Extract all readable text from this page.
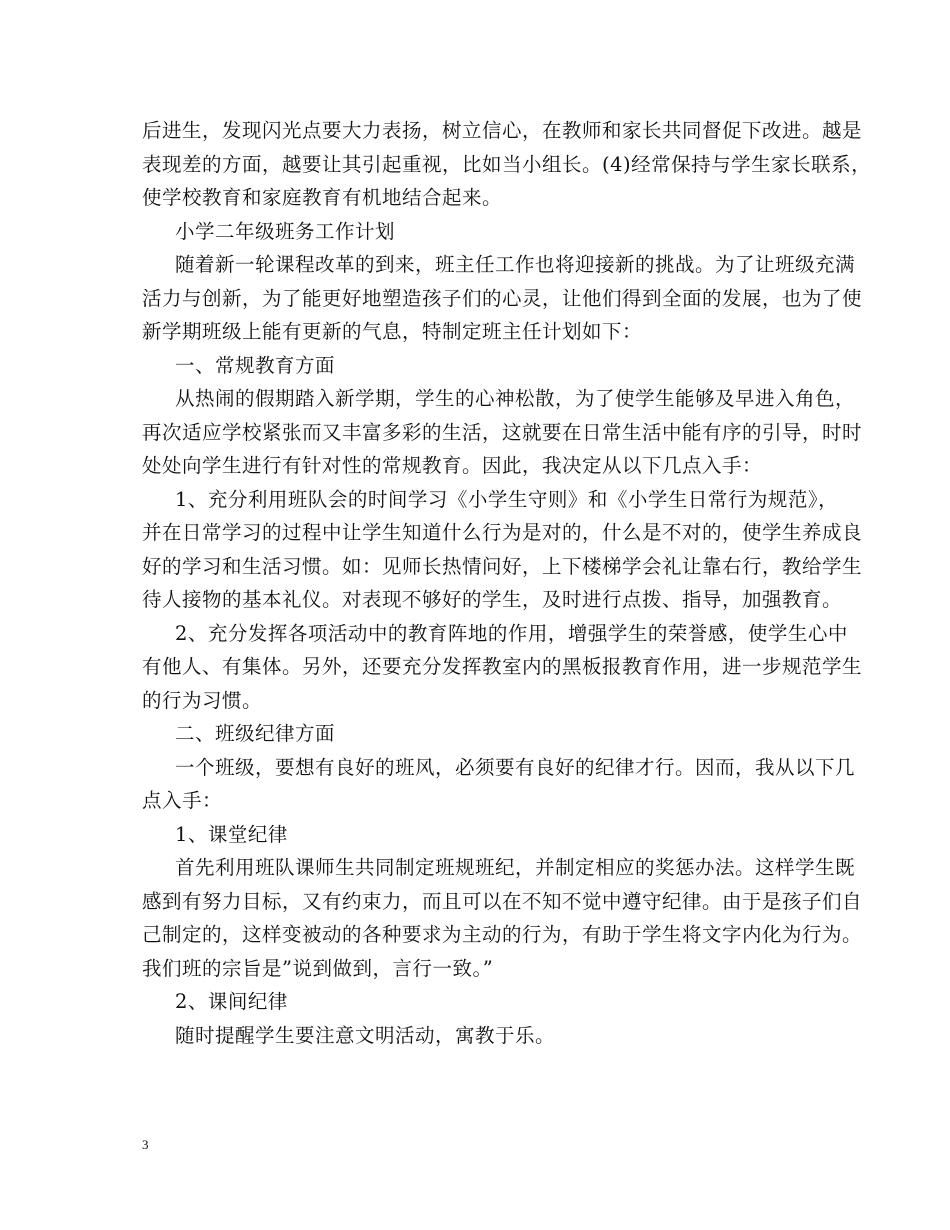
后进生，发现闪光点要大力表扬，树立信心，在教师和家长共同督促下改进。越是
表现差的方面，越要让其引起重视，比如当小组长。(4)经常保持与学生家长联系，
使学校教育和家庭教育有机地结合起来。
小学二年级班务工作计划
随着新一轮课程改革的到来，班主任工作也将迎接新的挑战。为了让班级充满
活力与创新，为了能更好地塑造孩子们的心灵，让他们得到全面的发展，也为了使
新学期班级上能有更新的气息，特制定班主任计划如下：
一、常规教育方面
从热闹的假期踏入新学期，学生的心神松散，为了使学生能够及早进入角色，
再次适应学校紧张而又丰富多彩的生活，这就要在日常生活中能有序的引导，时时
处处向学生进行有针对性的常规教育。因此，我决定从以下几点入手：
1、充分利用班队会的时间学习《小学生守则》和《小学生日常行为规范》，
并在日常学习的过程中让学生知道什么行为是对的，什么是不对的，使学生养成良
好的学习和生活习惯。如：见师长热情问好，上下楼梯学会礼让靠右行，教给学生
待人接物的基本礼仪。对表现不够好的学生，及时进行点拨、指导，加强教育。
2、充分发挥各项活动中的教育阵地的作用，增强学生的荣誉感，使学生心中
有他人、有集体。另外，还要充分发挥教室内的黑板报教育作用，进一步规范学生
的行为习惯。
二、班级纪律方面
一个班级，要想有良好的班风，必须要有良好的纪律才行。因而，我从以下几
点入手：
1、课堂纪律
首先利用班队课师生共同制定班规班纪，并制定相应的奖惩办法。这样学生既
感到有努力目标，又有约束力，而且可以在不知不觉中遵守纪律。由于是孩子们自
己制定的，这样变被动的各种要求为主动的行为，有助于学生将文字内化为行为。
我们班的宗旨是”说到做到，言行一致。”
2、课间纪律
随时提醒学生要注意文明活动，寓教于乐。
3
